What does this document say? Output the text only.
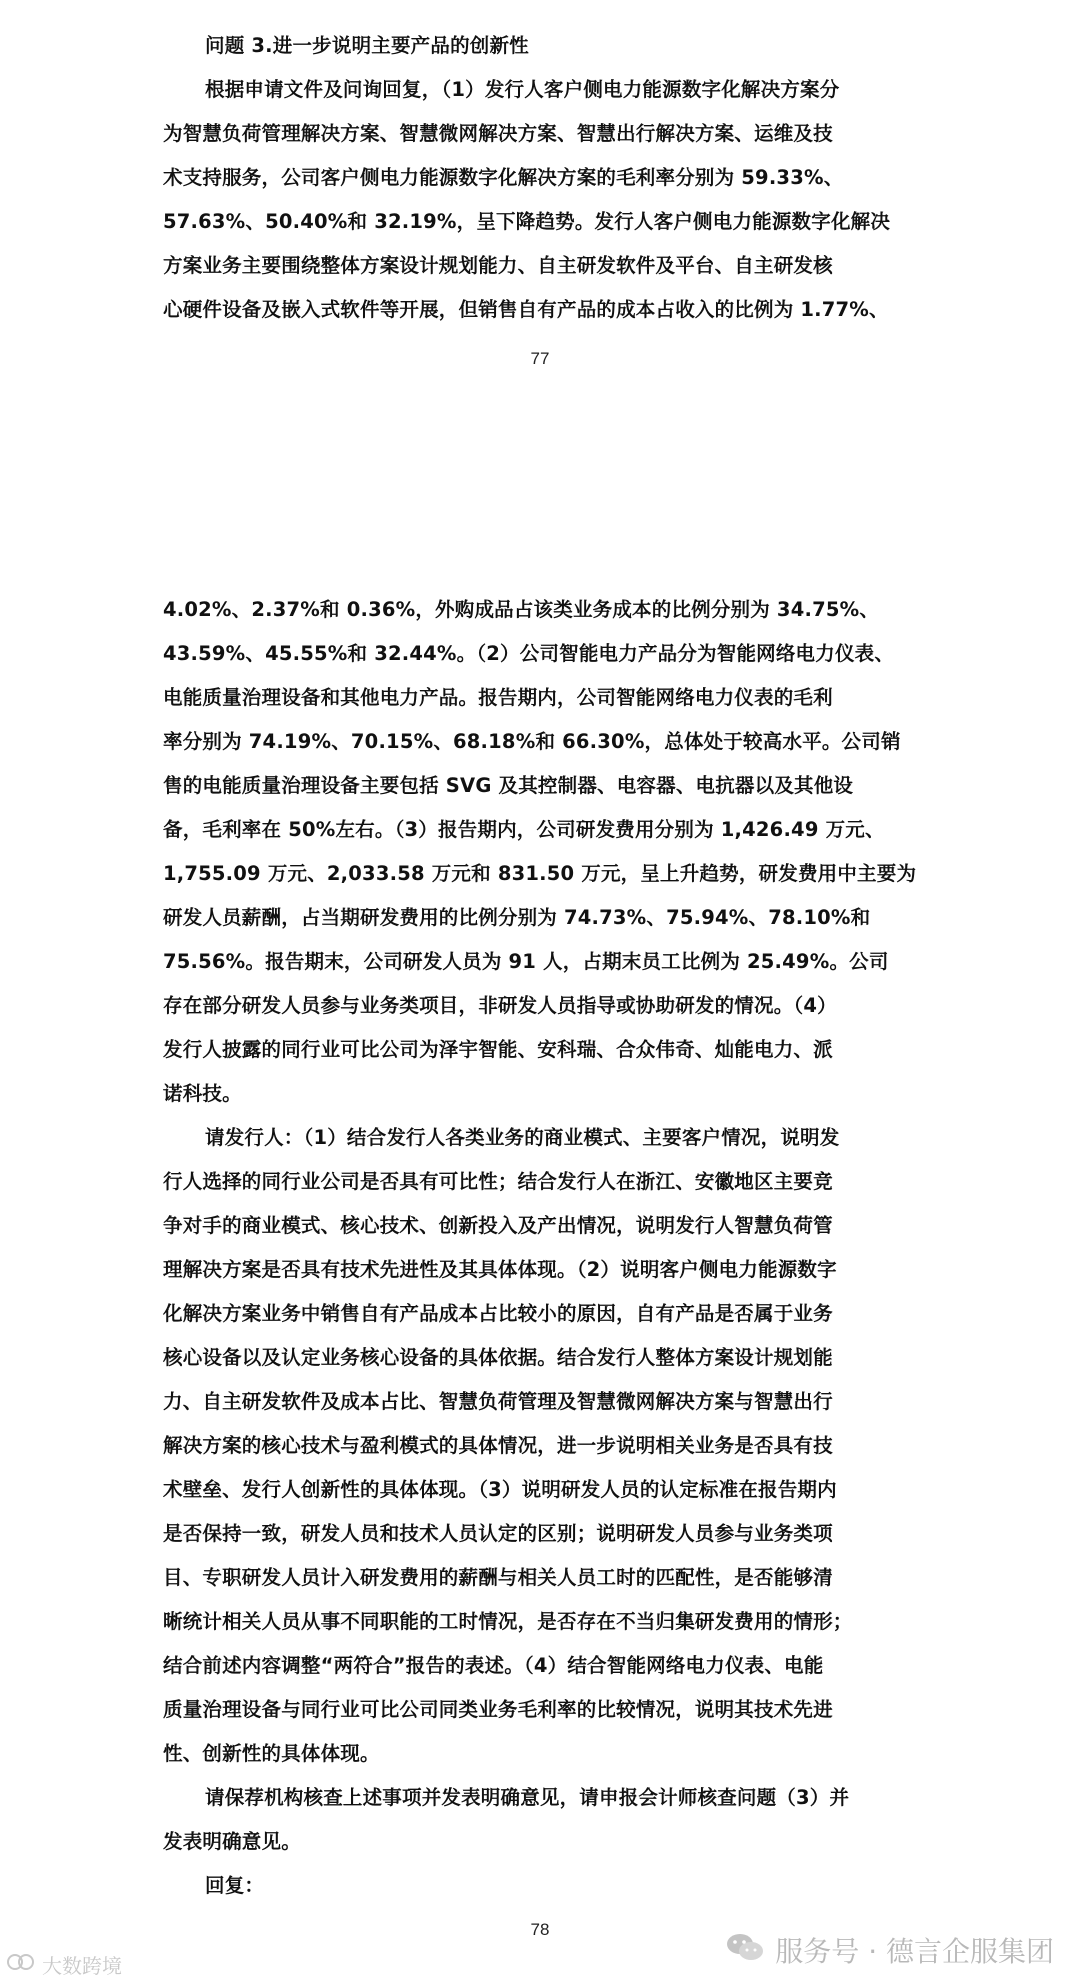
问题 3.进一步说明主要产品的创新性
根据申请文件及问询回复，（1）发行人客户侧电力能源数字化解决方案分
为智慧负荷管理解决方案、智慧微网解决方案、智慧出行解决方案、运维及技
术支持服务，公司客户侧电力能源数字化解决方案的毛利率分别为 59.33%、
57.63%、50.40%和 32.19%，呈下降趋势。发行人客户侧电力能源数字化解决
方案业务主要围绕整体方案设计规划能力、自主研发软件及平台、自主研发核
心硬件设备及嵌入式软件等开展，但销售自有产品的成本占收入的比例为 1.77%、
77
4.02%、2.37%和 0.36%，外购成品占该类业务成本的比例分别为 34.75%、
43.59%、45.55%和 32.44%。（2）公司智能电力产品分为智能网络电力仪表、
电能质量治理设备和其他电力产品。报告期内，公司智能网络电力仪表的毛利
率分别为 74.19%、70.15%、68.18%和 66.30%，总体处于较高水平。公司销
售的电能质量治理设备主要包括 SVG 及其控制器、电容器、电抗器以及其他设
备，毛利率在 50%左右。（3）报告期内，公司研发费用分别为 1,426.49 万元、
1,755.09 万元、2,033.58 万元和 831.50 万元，呈上升趋势，研发费用中主要为
研发人员薪酬，占当期研发费用的比例分别为 74.73%、75.94%、78.10%和
75.56%。报告期末，公司研发人员为 91 人，占期末员工比例为 25.49%。公司
存在部分研发人员参与业务类项目，非研发人员指导或协助研发的情况。（4）
发行人披露的同行业可比公司为泽宇智能、安科瑞、合众伟奇、灿能电力、派
诺科技。
请发行人：（1）结合发行人各类业务的商业模式、主要客户情况，说明发
行人选择的同行业公司是否具有可比性；结合发行人在浙江、安徽地区主要竞
争对手的商业模式、核心技术、创新投入及产出情况，说明发行人智慧负荷管
理解决方案是否具有技术先进性及其具体体现。（2）说明客户侧电力能源数字
化解决方案业务中销售自有产品成本占比较小的原因，自有产品是否属于业务
核心设备以及认定业务核心设备的具体依据。结合发行人整体方案设计规划能
力、自主研发软件及成本占比、智慧负荷管理及智慧微网解决方案与智慧出行
解决方案的核心技术与盈利模式的具体情况，进一步说明相关业务是否具有技
术壁垒、发行人创新性的具体体现。（3）说明研发人员的认定标准在报告期内
是否保持一致，研发人员和技术人员认定的区别；说明研发人员参与业务类项
目、专职研发人员计入研发费用的薪酬与相关人员工时的匹配性，是否能够清
晰统计相关人员从事不同职能的工时情况，是否存在不当归集研发费用的情形；
结合前述内容调整“两符合”报告的表述。（4）结合智能网络电力仪表、电能
质量治理设备与同行业可比公司同类业务毛利率的比较情况，说明其技术先进
性、创新性的具体体现。
请保荐机构核查上述事项并发表明确意见，请申报会计师核查问题（3）并
发表明确意见。
回复：
78
大数跨境	服务号 · 德言企服集团
